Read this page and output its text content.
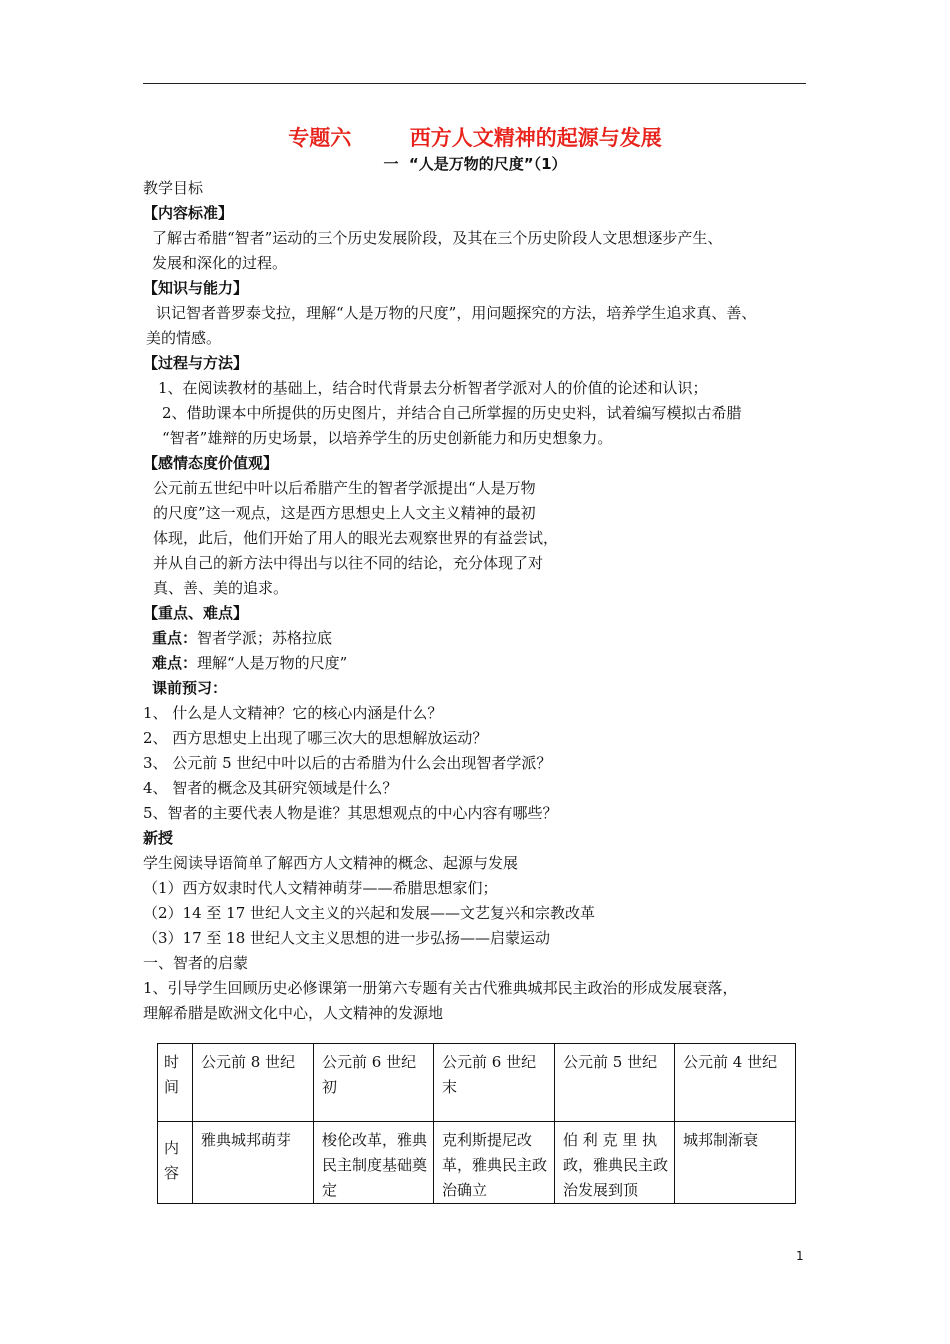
专题六        西方人文精神的起源与发展
一  “人是万物的尺度”（1）
教学目标
【内容标准】
了解古希腊“智者”运动的三个历史发展阶段，及其在三个历史阶段人文思想逐步产生、
发展和深化的过程。
【知识与能力】
识记智者普罗泰戈拉，理解“人是万物的尺度”，用问题探究的方法，培养学生追求真、善、
美的情感。
【过程与方法】
1、在阅读教材的基础上，结合时代背景去分析智者学派对人的价值的论述和认识；
2、借助课本中所提供的历史图片，并结合自己所掌握的历史史料，试着编写模拟古希腊
“智者”雄辩的历史场景，以培养学生的历史创新能力和历史想象力。
【感情态度价值观】
公元前五世纪中叶以后希腊产生的智者学派提出“人是万物
的尺度”这一观点，这是西方思想史上人文主义精神的最初
体现，此后，他们开始了用人的眼光去观察世界的有益尝试，
并从自己的新方法中得出与以往不同的结论，充分体现了对
真、善、美的追求。
【重点、难点】
重点：智者学派；苏格拉底
难点：理解“人是万物的尺度”
课前预习：
1、 什么是人文精神？它的核心内涵是什么？
2、 西方思想史上出现了哪三次大的思想解放运动？
3、 公元前 5 世纪中叶以后的古希腊为什么会出现智者学派？
4、 智者的概念及其研究领域是什么？
5、智者的主要代表人物是谁？其思想观点的中心内容有哪些？
新授
学生阅读导语简单了解西方人文精神的概念、起源与发展
（1）西方奴隶时代人文精神萌芽——希腊思想家们；
（2）14 至 17 世纪人文主义的兴起和发展——文艺复兴和宗教改革
（3）17 至 18 世纪人文主义思想的进一步弘扬——启蒙运动
一、智者的启蒙
1、引导学生回顾历史必修课第一册第六专题有关古代雅典城邦民主政治的形成发展衰落，
理解希腊是欧洲文化中心，人文精神的发源地
时间	公元前 8 世纪	公元前 6 世纪初	公元前 6 世纪末	公元前 5 世纪	公元前 4 世纪
内容	雅典城邦萌芽	梭伦改革，雅典民主制度基础奠定	克利斯提尼改革，雅典民主政治确立	伯 利 克 里 执政，雅典民主政治发展到顶	城邦制渐衰
1
